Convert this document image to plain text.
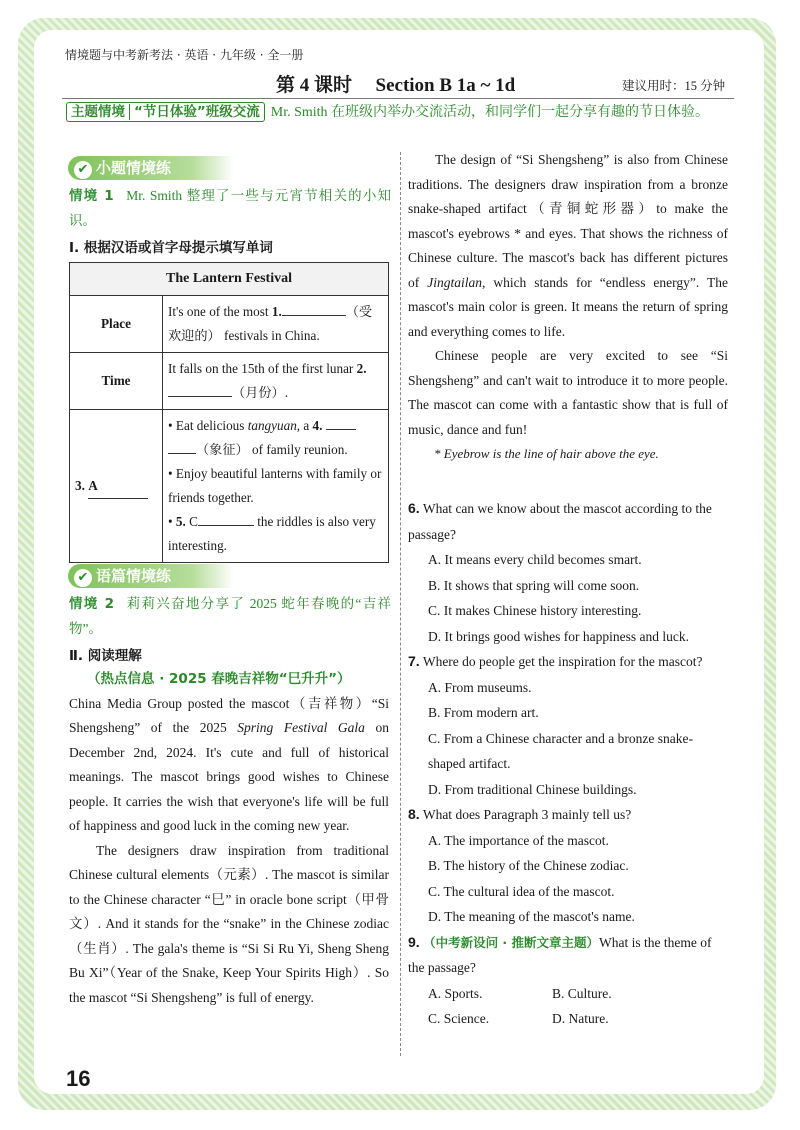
情境题与中考新考法 · 英语 · 九年级 · 全一册
第 4 课时 Section B 1a ~ 1d	建议用时：15 分钟
主题情境 “节日体验”班级交流 Mr. Smith 在班级内举办交流活动，和同学们一起分享有趣的节日体验。
✔ 小题情境练
情境 1 Mr. Smith 整理了一些与元宵节相关的小知识。
Ⅰ. 根据汉语或首字母提示填写单词
The Lantern Festival	
Place	It's one of the most 1. （受欢迎的） festivals in China.
Time	It falls on the 15th of the first lunar 2. （月份）.
3. A	• Eat delicious tangyuan, a 4.
（象征） of family reunion.
• Enjoy beautiful lanterns with family or friends together.
• 5. C the riddles is also very interesting.
✔ 语篇情境练
情境 2 莉莉兴奋地分享了 2025 蛇年春晚的“吉祥物”。
Ⅱ. 阅读理解
（热点信息 · 2025 春晚吉祥物“巳升升”）
China Media Group posted the mascot（吉祥物）“Si Shengsheng” of the 2025 Spring Festival Gala on December 2nd, 2024. It's cute and full of historical meanings. The mascot brings good wishes to Chinese people. It carries the wish that everyone's life will be full of happiness and good luck in the coming new year.
The designers draw inspiration from traditional Chinese cultural elements（元素）. The mascot is similar to the Chinese character “巳” in oracle bone script（甲骨文）. And it stands for the “snake” in the Chinese zodiac（生肖）. The gala's theme is “Si Si Ru Yi, Sheng Sheng Bu Xi”（Year of the Snake, Keep Your Spirits High）. So the mascot “Si Shengsheng” is full of energy.
The design of “Si Shengsheng” is also from Chinese traditions. The designers draw inspiration from a bronze snake-shaped artifact（青铜蛇形器）to make the mascot's eyebrows * and eyes. That shows the richness of Chinese culture. The mascot's back has different pictures of Jingtailan, which stands for “endless energy”. The mascot's main color is green. It means the return of spring and everything comes to life.
Chinese people are very excited to see “Si Shengsheng” and can't wait to introduce it to more people. The mascot can come with a fantastic show that is full of music, dance and fun!
* Eyebrow is the line of hair above the eye.
6. What can we know about the mascot according to the passage?
A. It means every child becomes smart.
B. It shows that spring will come soon.
C. It makes Chinese history interesting.
D. It brings good wishes for happiness and luck.
7. Where do people get the inspiration for the mascot?
A. From museums.
B. From modern art.
C. From a Chinese character and a bronze snake-shaped artifact.
D. From traditional Chinese buildings.
8. What does Paragraph 3 mainly tell us?
A. The importance of the mascot.
B. The history of the Chinese zodiac.
C. The cultural idea of the mascot.
D. The meaning of the mascot's name.
9. （中考新设问 · 推断文章主题）What is the theme of the passage?
A. Sports.	B. Culture.
C. Science.	D. Nature.
16
